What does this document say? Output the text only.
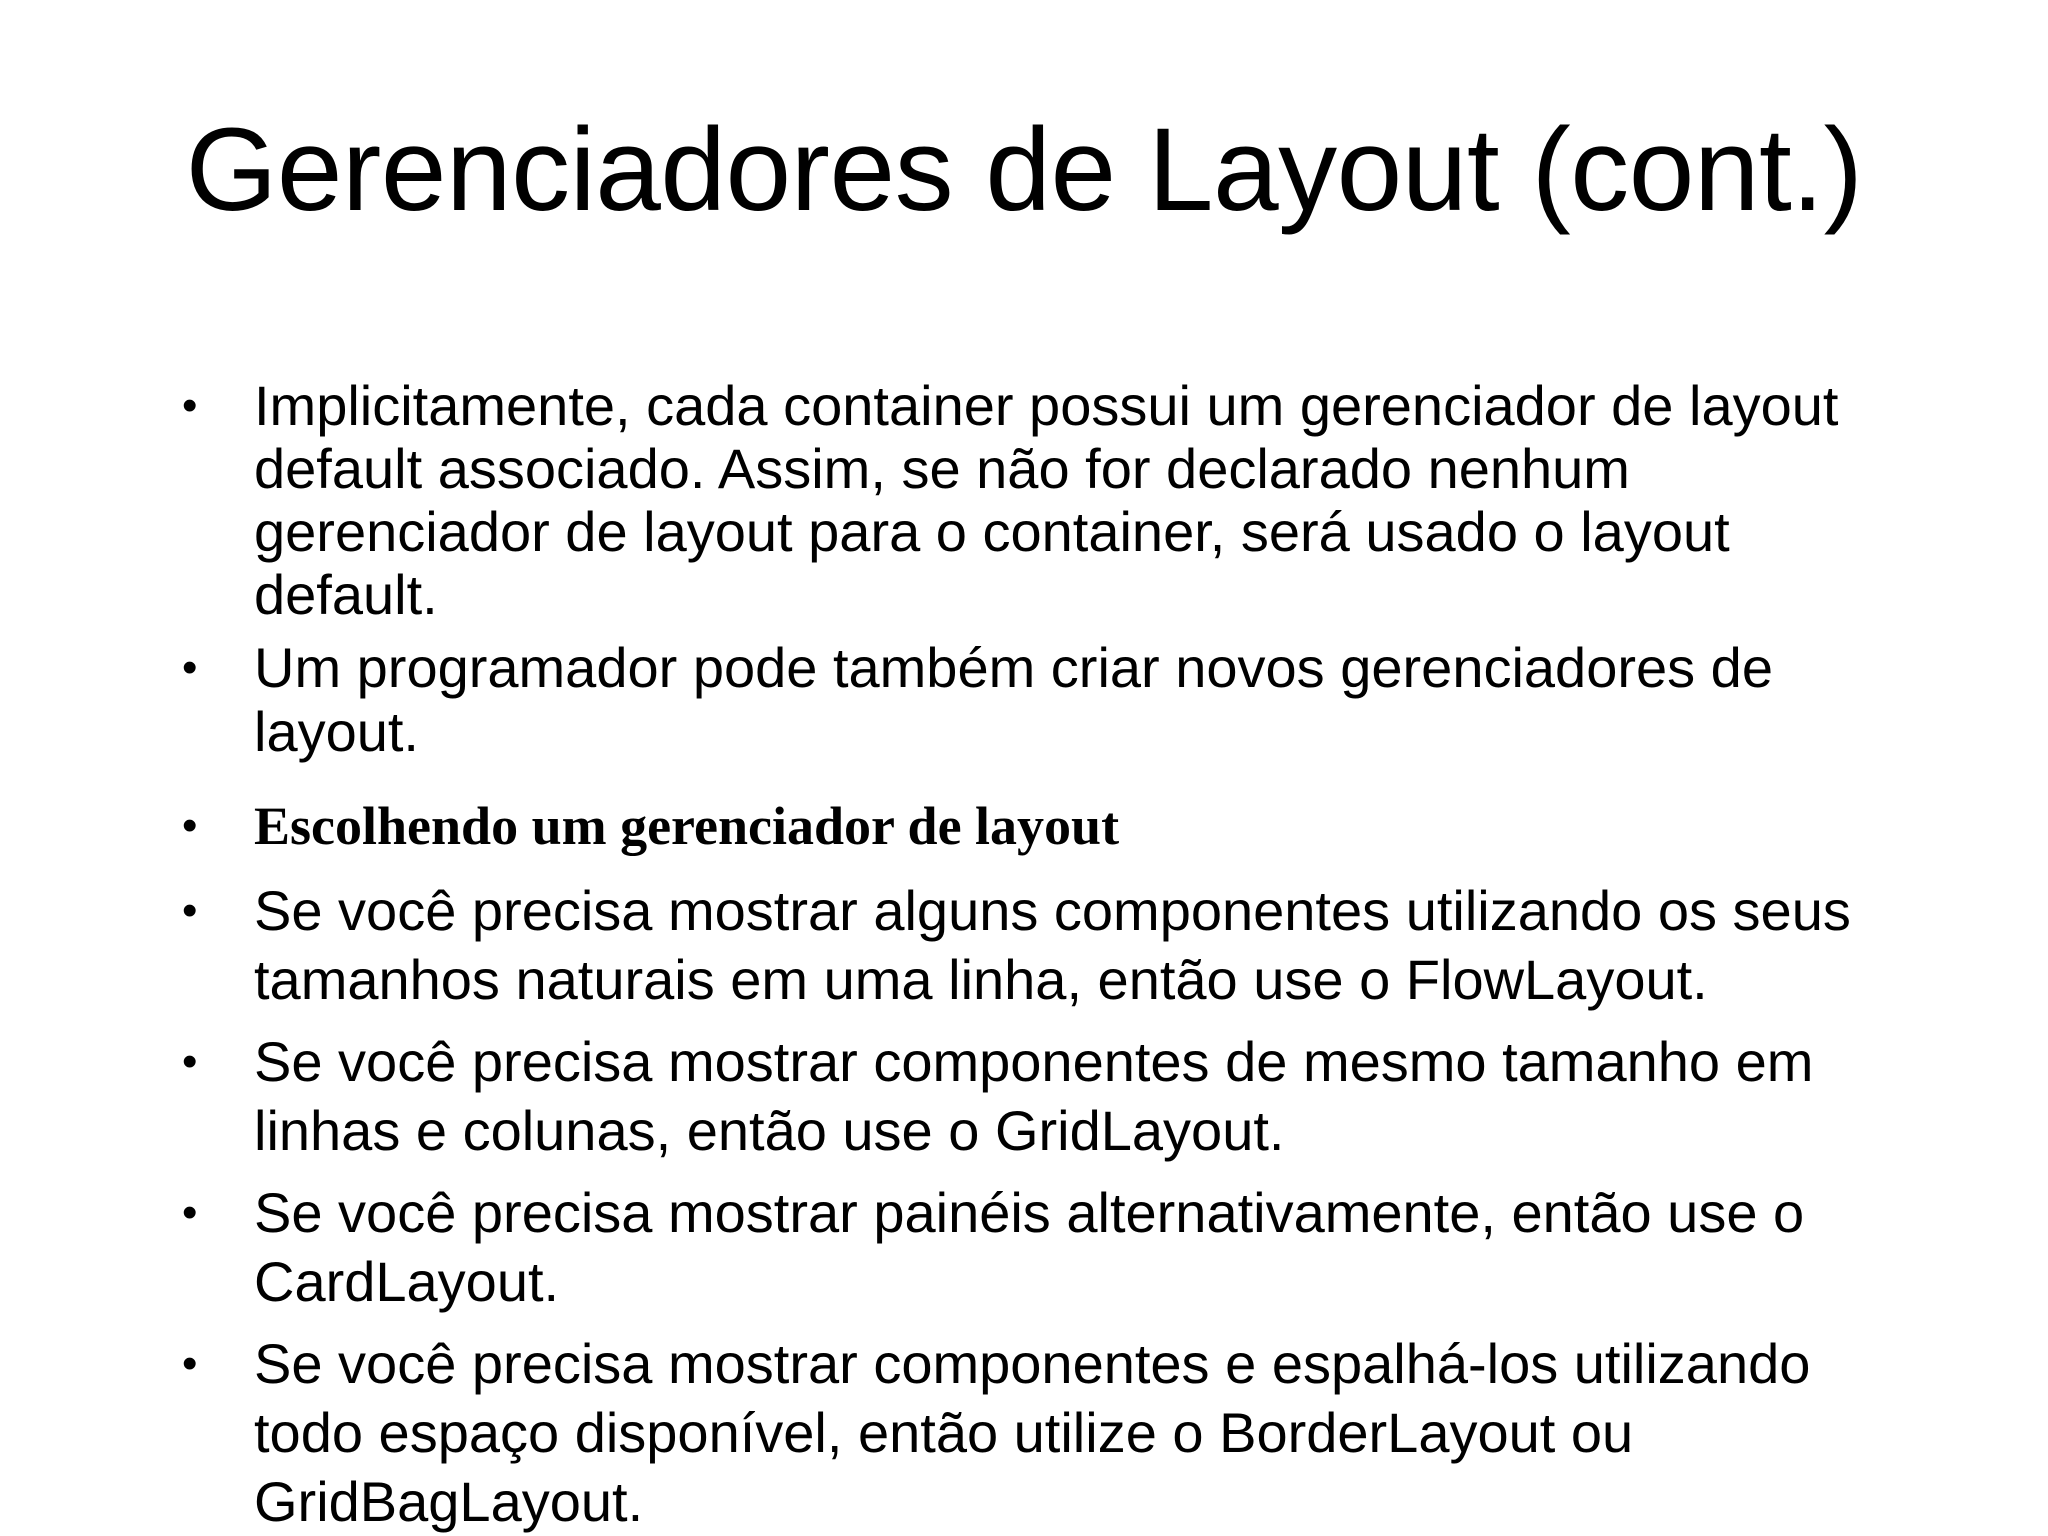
Gerenciadores de Layout (cont.)
• Implicitamente, cada container possui um gerenciador de layout default associado. Assim, se não for declarado nenhum gerenciador de layout para o container, será usado o layout default.
• Um programador pode também criar novos gerenciadores de layout.
• Escolhendo um gerenciador de layout
• Se você precisa mostrar alguns componentes utilizando os seus tamanhos naturais em uma linha, então use o FlowLayout.
• Se você precisa mostrar componentes de mesmo tamanho em linhas e colunas, então use o GridLayout.
• Se você precisa mostrar painéis alternativamente, então use o CardLayout.
• Se você precisa mostrar componentes e espalhá-los utilizando todo espaço disponível, então utilize o BorderLayout ou GridBagLayout.
